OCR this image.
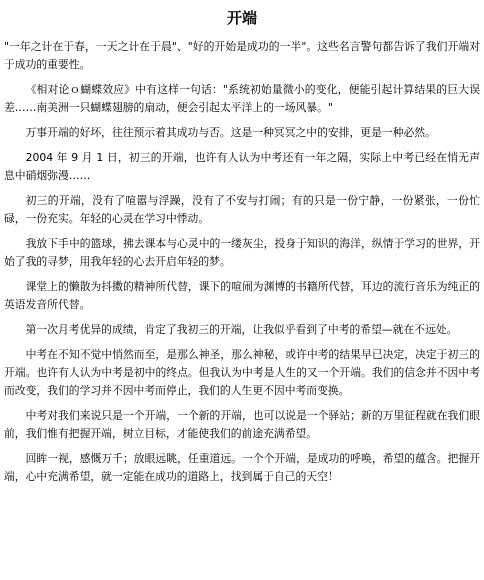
开端

"一年之计在于春，一天之计在于晨"、"好的开始是成功的一半"。这些名言警句都告诉了我们开端对于成功的重要性。

《相对论ｏ蝴蝶效应》中有这样一句话："系统初始量微小的变化，便能引起计算结果的巨大误差……南美洲一只蝴蝶翅膀的扇动，便会引起太平洋上的一场风暴。"

万事开端的好坏，往往预示着其成功与否。这是一种冥冥之中的安排，更是一种必然。

2004 年 9 月 1 日，初三的开端，也许有人认为中考还有一年之隔，实际上中考已经在悄无声息中硝烟弥漫……

初三的开端，没有了喧嚣与浮躁，没有了不安与打闹；有的只是一份宁静，一份紧张，一份忙碌，一份充实。年轻的心灵在学习中悸动。

我放下手中的篮球，拂去课本与心灵中的一缕灰尘，投身于知识的海洋，纵情于学习的世界，开始了我的寻梦，用我年轻的心去开启年轻的梦。

课堂上的懒散为抖擞的精神所代替，课下的喧闹为渊博的书籍所代替，耳边的流行音乐为纯正的英语发音所代替。

第一次月考优异的成绩，肯定了我初三的开端，让我似乎看到了中考的希望—就在不远处。

中考在不知不觉中悄然而至，是那么神圣，那么神秘，或许中考的结果早已决定，决定于初三的开端。也许有人认为中考是初中的终点。但我认为中考是人生的又一个开端。我们的信念并不因中考而改变，我们的学习并不因中考而停止，我们的人生更不因中考而变换。

中考对我们来说只是一个开端，一个新的开端，也可以说是一个驿站；新的万里征程就在我们眼前，我们惟有把握开端，树立目标，才能使我们的前途充满希望。

回眸一视，感慨万千；放眼远眺，任重道远。一个个开端，是成功的呼唤，希望的蕴含。把握开端，心中充满希望，就一定能在成功的道路上，找到属于自己的天空！
